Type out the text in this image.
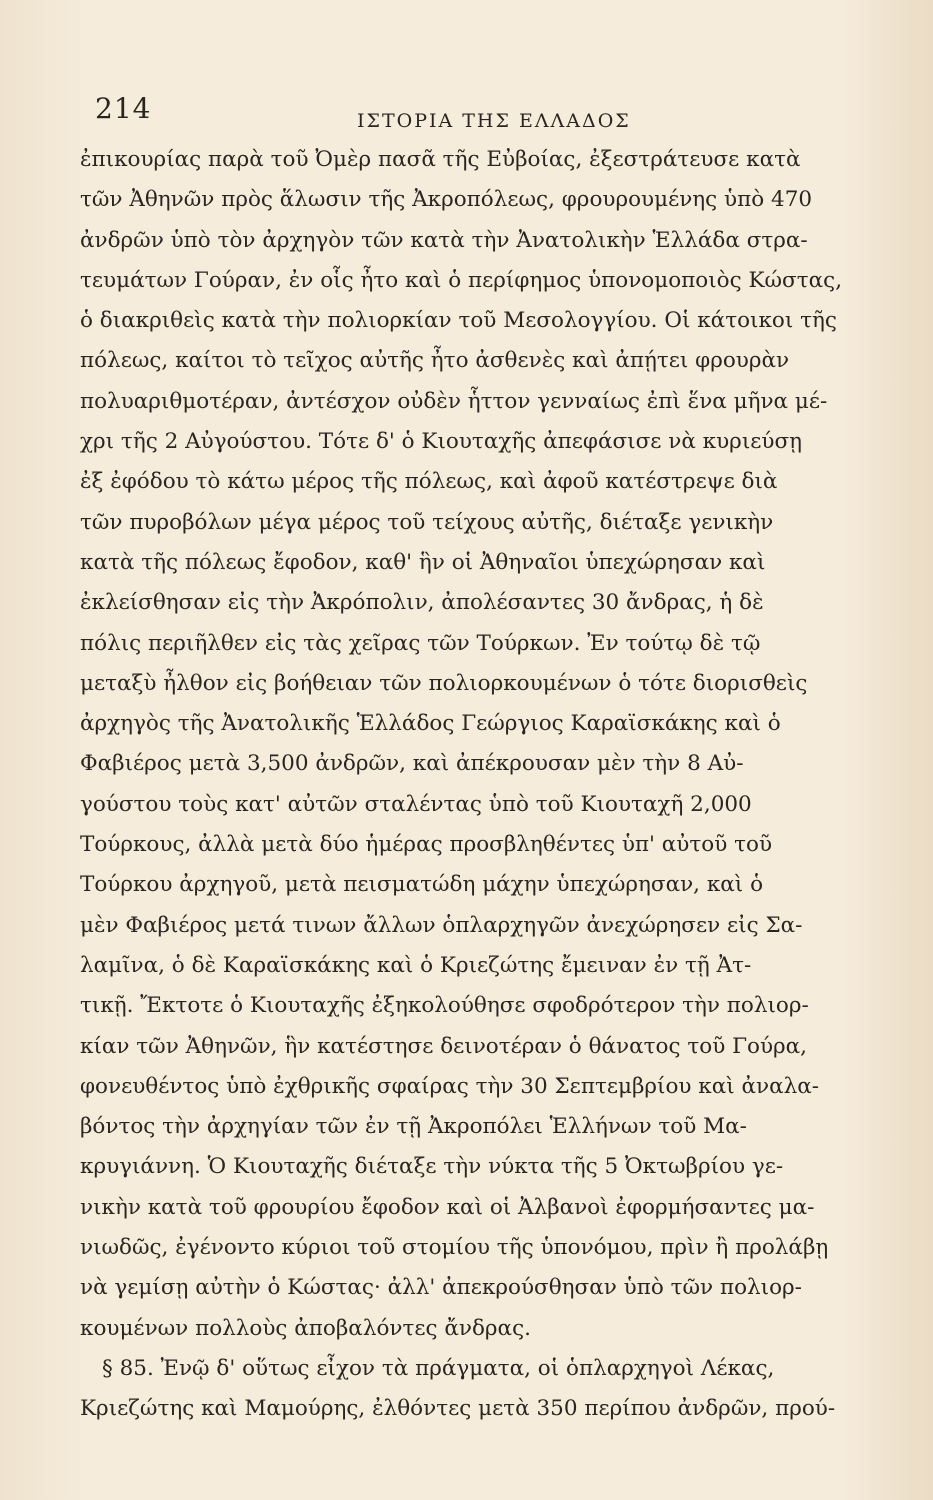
214	ΙΣΤΟΡΙΑ ΤΗΣ ΕΛΛΑΔΟΣ
ἐπικουρίας παρὰ τοῦ Ὀμὲρ πασᾶ τῆς Εὐβοίας, ἐξεστράτευσε κατὰ
τῶν Ἀθηνῶν πρὸς ἅλωσιν τῆς Ἀκροπόλεως, φρουρουμένης ὑπὸ 470
ἀνδρῶν ὑπὸ τὸν ἀρχηγὸν τῶν κατὰ τὴν Ἀνατολικὴν Ἑλλάδα στρα-
τευμάτων Γούραν, ἐν οἷς ἦτο καὶ ὁ περίφημος ὑπονομοποιὸς Κώστας,
ὁ διακριθεὶς κατὰ τὴν πολιορκίαν τοῦ Μεσολογγίου. Οἱ κάτοικοι τῆς
πόλεως, καίτοι τὸ τεῖχος αὐτῆς ἦτο ἀσθενὲς καὶ ἀπῄτει φρουρὰν
πολυαριθμοτέραν, ἀντέσχον οὐδὲν ἧττον γενναίως ἐπὶ ἕνα μῆνα μέ-
χρι τῆς 2 Αὐγούστου. Τότε δ' ὁ Κιουταχῆς ἀπεφάσισε νὰ κυριεύσῃ
ἐξ ἐφόδου τὸ κάτω μέρος τῆς πόλεως, καὶ ἀφοῦ κατέστρεψε διὰ
τῶν πυροβόλων μέγα μέρος τοῦ τείχους αὐτῆς, διέταξε γενικὴν
κατὰ τῆς πόλεως ἔφοδον, καθ' ἣν οἱ Ἀθηναῖοι ὑπεχώρησαν καὶ
ἐκλείσθησαν εἰς τὴν Ἀκρόπολιν, ἀπολέσαντες 30 ἄνδρας, ἡ δὲ
πόλις περιῆλθεν εἰς τὰς χεῖρας τῶν Τούρκων. Ἐν τούτῳ δὲ τῷ
μεταξὺ ἦλθον εἰς βοήθειαν τῶν πολιορκουμένων ὁ τότε διορισθεὶς
ἀρχηγὸς τῆς Ἀνατολικῆς Ἑλλάδος Γεώργιος Καραϊσκάκης καὶ ὁ
Φαβιέρος μετὰ 3,500 ἀνδρῶν, καὶ ἀπέκρουσαν μὲν τὴν 8 Αὐ-
γούστου τοὺς κατ' αὐτῶν σταλέντας ὑπὸ τοῦ Κιουταχῆ 2,000
Τούρκους, ἀλλὰ μετὰ δύο ἡμέρας προσβληθέντες ὑπ' αὐτοῦ τοῦ
Τούρκου ἀρχηγοῦ, μετὰ πεισματώδη μάχην ὑπεχώρησαν, καὶ ὁ
μὲν Φαβιέρος μετά τινων ἄλλων ὁπλαρχηγῶν ἀνεχώρησεν εἰς Σα-
λαμῖνα, ὁ δὲ Καραϊσκάκης καὶ ὁ Κριεζώτης ἔμειναν ἐν τῇ Ἀτ-
τικῇ. Ἔκτοτε ὁ Κιουταχῆς ἐξηκολούθησε σφοδρότερον τὴν πολιορ-
κίαν τῶν Ἀθηνῶν, ἣν κατέστησε δεινοτέραν ὁ θάνατος τοῦ Γούρα,
φονευθέντος ὑπὸ ἐχθρικῆς σφαίρας τὴν 30 Σεπτεμβρίου καὶ ἀναλα-
βόντος τὴν ἀρχηγίαν τῶν ἐν τῇ Ἀκροπόλει Ἑλλήνων τοῦ Μα-
κρυγιάννη. Ὁ Κιουταχῆς διέταξε τὴν νύκτα τῆς 5 Ὀκτωβρίου γε-
νικὴν κατὰ τοῦ φρουρίου ἔφοδον καὶ οἱ Ἀλβανοὶ ἐφορμήσαντες μα-
νιωδῶς, ἐγένοντο κύριοι τοῦ στομίου τῆς ὑπονόμου, πρὶν ἢ προλάβῃ
νὰ γεμίσῃ αὐτὴν ὁ Κώστας· ἀλλ' ἀπεκρούσθησαν ὑπὸ τῶν πολιορ-
κουμένων πολλοὺς ἀποβαλόντες ἄνδρας.
§ 85. Ἐνῷ δ' οὕτως εἶχον τὰ πράγματα, οἱ ὁπλαρχηγοὶ Λέκας,
Κριεζώτης καὶ Μαμούρης, ἐλθόντες μετὰ 350 περίπου ἀνδρῶν, πρού-
